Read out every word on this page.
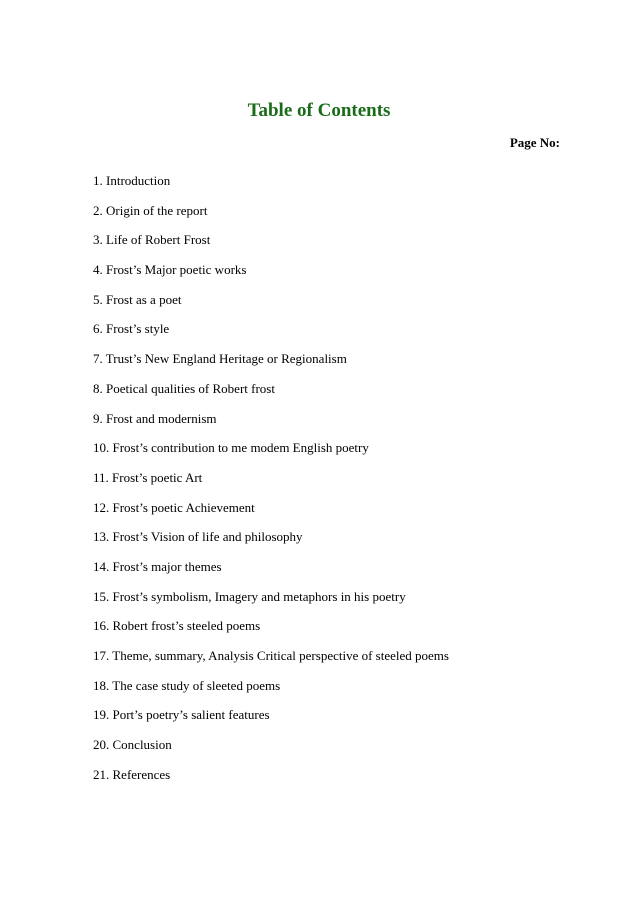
Table of Contents
Page No:
1. Introduction
2. Origin of the report
3. Life of Robert Frost
4. Frost’s Major poetic works
5. Frost as a poet
6. Frost’s style
7. Trust’s New England Heritage or Regionalism
8. Poetical qualities of Robert frost
9. Frost and modernism
10. Frost’s contribution to me modem English poetry
11. Frost’s poetic Art
12. Frost’s poetic Achievement
13. Frost’s Vision of life and philosophy
14. Frost’s major themes
15. Frost’s symbolism, Imagery and metaphors in his poetry
16. Robert frost’s steeled poems
17. Theme, summary, Analysis Critical perspective of steeled poems
18. The case study of sleeted poems
19. Port’s poetry’s salient features
20. Conclusion
21. References
